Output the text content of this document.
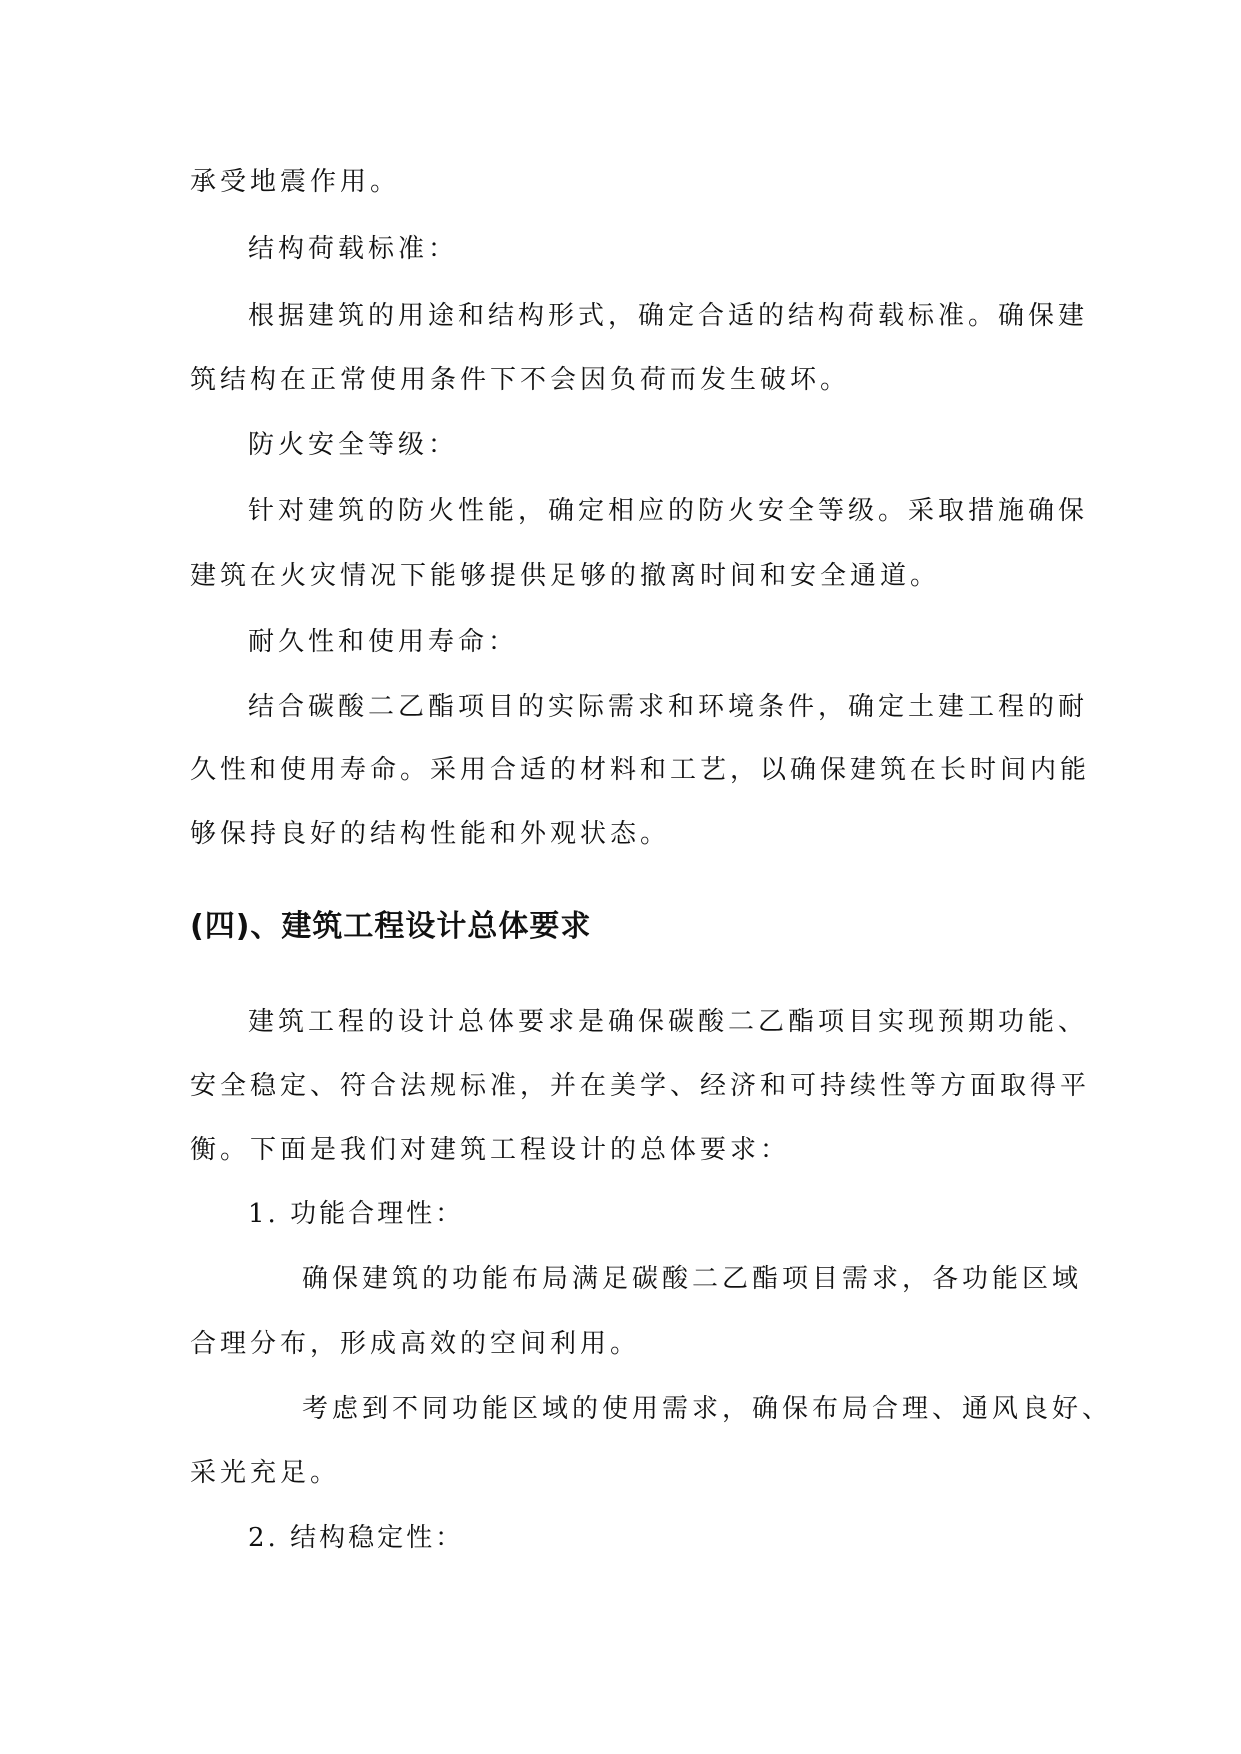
承受地震作用。
结构荷载标准：
根据建筑的用途和结构形式，确定合适的结构荷载标准。确保建
筑结构在正常使用条件下不会因负荷而发生破坏。
防火安全等级：
针对建筑的防火性能，确定相应的防火安全等级。采取措施确保
建筑在火灾情况下能够提供足够的撤离时间和安全通道。
耐久性和使用寿命：
结合碳酸二乙酯项目的实际需求和环境条件，确定土建工程的耐
久性和使用寿命。采用合适的材料和工艺，以确保建筑在长时间内能
够保持良好的结构性能和外观状态。
(四)、建筑工程设计总体要求
建筑工程的设计总体要求是确保碳酸二乙酯项目实现预期功能、
安全稳定、符合法规标准，并在美学、经济和可持续性等方面取得平
衡。下面是我们对建筑工程设计的总体要求：
1. 功能合理性：
确保建筑的功能布局满足碳酸二乙酯项目需求，各功能区域
合理分布，形成高效的空间利用。
考虑到不同功能区域的使用需求，确保布局合理、通风良好、
采光充足。
2. 结构稳定性：
